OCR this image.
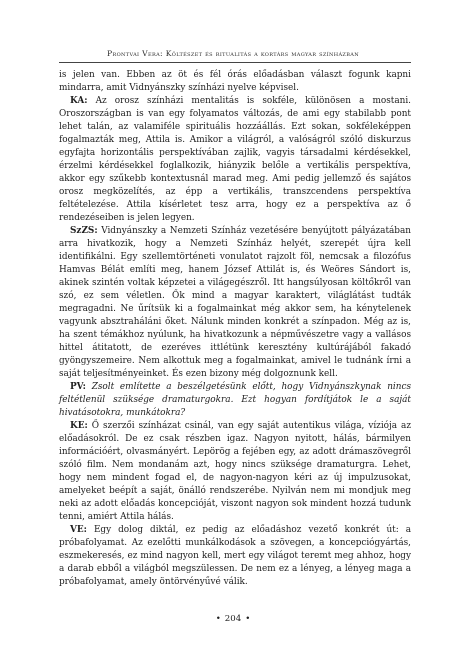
Prontvai Vera: Költészet és ritualitás a kortárs magyar színházban

is jelen van. Ebben az öt és fél órás előadásban választ fogunk kapni mindarra, amit Vidnyánszky színházi nyelve képvisel.

KA: Az orosz színházi mentalitás is sokféle, különösen a mostani. Oroszországban is van egy folyamatos változás, de ami egy stabilabb pont lehet talán, az valamiféle spirituális hozzáállás. Ezt sokan, sokféleképpen fogalmazták meg, Attila is. Amikor a világról, a valóságról szóló diskurzus egyfajta horizontális perspektívában zajlik, vagyis társadalmi kérdésekkel, érzelmi kérdésekkel foglalkozik, hiányzik belőle a vertikális perspektíva, akkor egy szűkebb kontextusnál marad meg. Ami pedig jellemző és sajátos orosz megközelítés, az épp a vertikális, transzcendens perspektíva feltételezése. Attila kísérletet tesz arra, hogy ez a perspektíva az ő rendezéseiben is jelen legyen.

SzZS: Vidnyánszky a Nemzeti Színház vezetésére benyújtott pályázatában arra hivatkozik, hogy a Nemzeti Színház helyét, szerepét újra kell identifikálni. Egy szellemtörténeti vonulatot rajzolt föl, nemcsak a filozófus Hamvas Bélát említi meg, hanem József Attilát is, és Weöres Sándort is, akinek szintén voltak képzetei a világegészről. Itt hangsúlyosan költőkről van szó, ez sem véletlen. Ők mind a magyar karaktert, világlátást tudták megragadni. Ne űrítsük ki a fogalmainkat még akkor sem, ha kénytelenek vagyunk absztraháláni őket. Nálunk minden konkrét a színpadon. Még az is, ha szent témákhoz nyúlunk, ha hivatkozunk a népművészetre vagy a vallásos hittel átitatott, de ezeréves ittlétünk keresztény kultúrájából fakadó gyöngyszemeire. Nem alkottuk meg a fogalmainkat, amivel le tudnánk írni a saját teljesítményeinket. És ezen bizony még dolgoznunk kell.

PV: Zsolt említette a beszélgetésünk előtt, hogy Vidnyánszkynak nincs feltétlenül szüksége dramaturgokra. Ezt hogyan fordítjátok le a saját hivatásotokra, munkátokra?

KE: Ő szerzői színházat csinál, van egy saját autentikus világa, víziója az előadásokról. De ez csak részben igaz. Nagyon nyitott, hálás, bármilyen információért, olvasmányért. Lepörög a fejében egy, az adott drámaszövegről szóló film. Nem mondanám azt, hogy nincs szüksége dramaturgra. Lehet, hogy nem mindent fogad el, de nagyon-nagyon kéri az új impulzusokat, amelyeket beépít a saját, önálló rendszerébe. Nyilván nem mi mondjuk meg neki az adott előadás koncepcióját, viszont nagyon sok mindent hozzá tudunk tenni, amiért Attila hálás.

VE: Egy dolog diktál, ez pedig az előadáshoz vezető konkrét út: a próbafolyamat. Az ezelőtti munkálkodások a szövegen, a koncepciógyártás, eszmekeresés, ez mind nagyon kell, mert egy világot teremt meg ahhoz, hogy a darab ebből a világból megszülessen. De nem ez a lényeg, a lényeg maga a próbafolyamat, amely öntörvényűvé válik.

• 204 •
